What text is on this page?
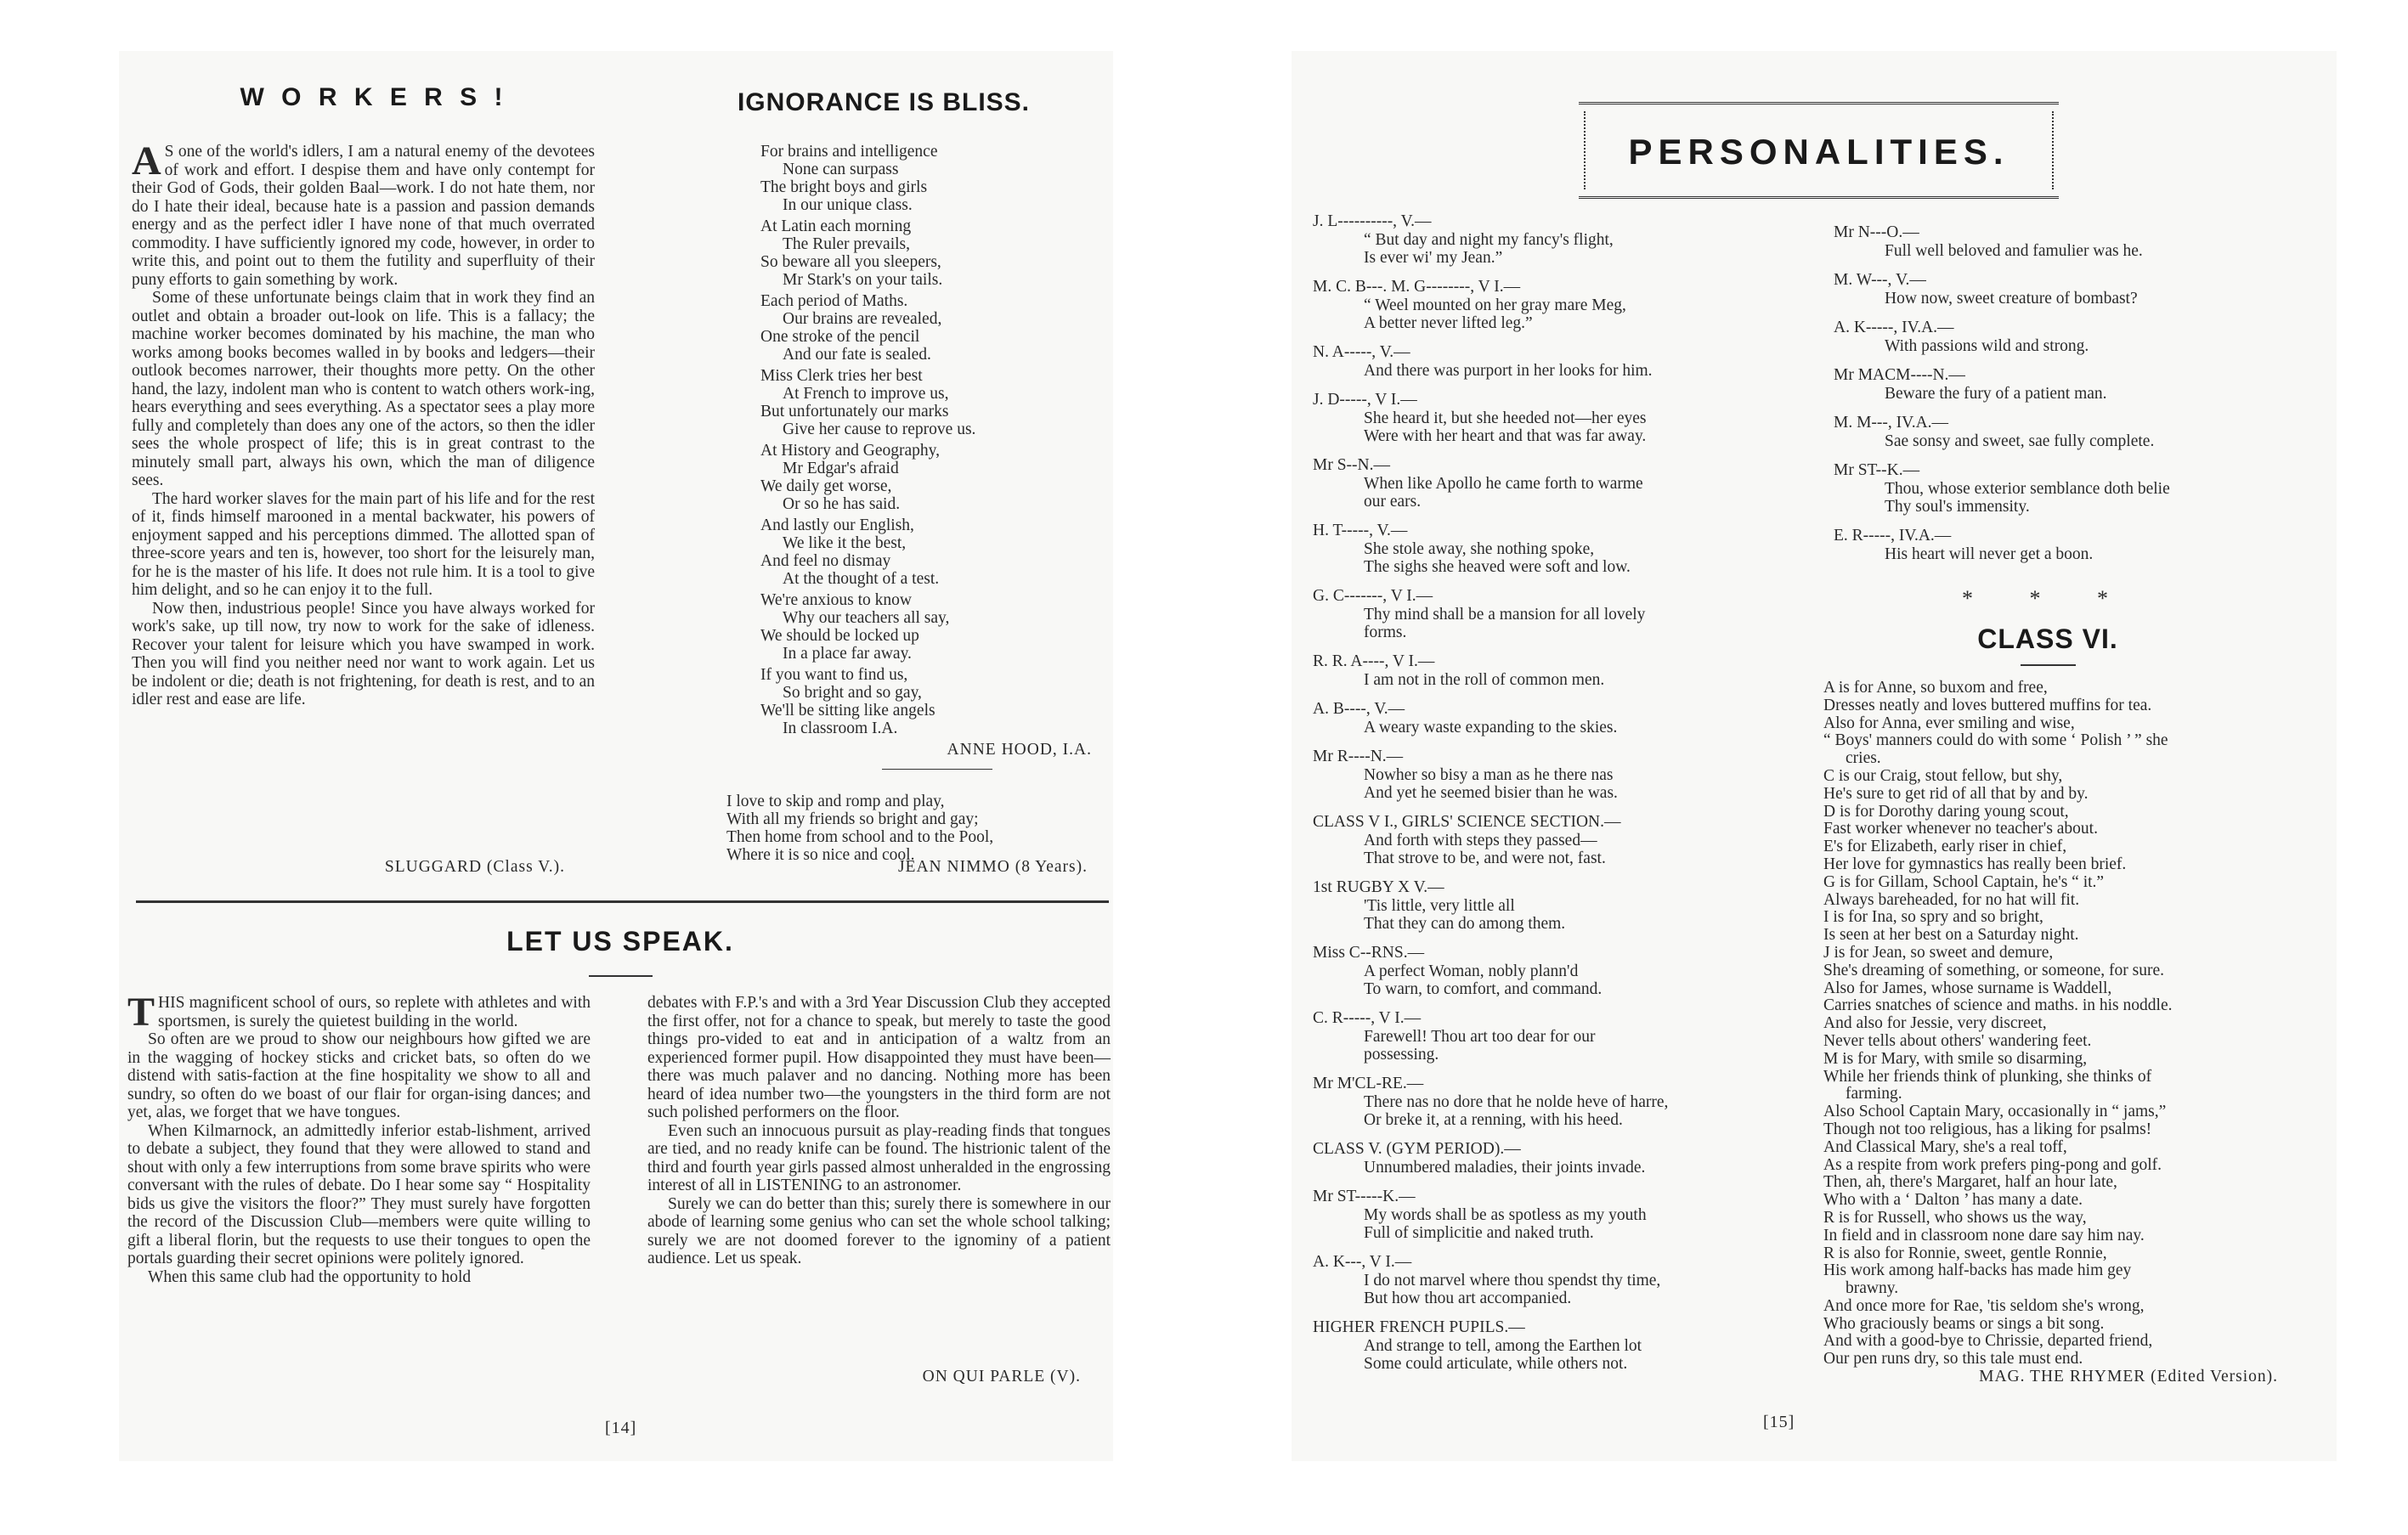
W O R K E R S !

A S one of the world's idlers, I am a natural enemy of the devotees of work and effort. I despise them and have only contempt for their God of Gods, their golden Baal—work. I do not hate them, nor do I hate their ideal, because hate is a passion and passion demands energy and as the perfect idler I have none of that much overrated commodity. I have sufficiently ignored my code, however, in order to write this, and point out to them the futility and superfluity of their puny efforts to gain something by work.

Some of these unfortunate beings claim that in work they find an outlet and obtain a broader out-look on life. This is a fallacy; the machine worker becomes dominated by his machine, the man who works among books becomes walled in by books and ledgers—their outlook becomes narrower, their thoughts more petty. On the other hand, the lazy, indolent man who is content to watch others work-ing, hears everything and sees everything. As a spectator sees a play more fully and completely than does any one of the actors, so then the idler sees the whole prospect of life; this is in great contrast to the minutely small part, always his own, which the man of diligence sees.

The hard worker slaves for the main part of his life and for the rest of it, finds himself marooned in a mental backwater, his powers of enjoyment sapped and his perceptions dimmed. The allotted span of three-score years and ten is, however, too short for the leisurely man, for he is the master of his life. It does not rule him. It is a tool to give him delight, and so he can enjoy it to the full.

Now then, industrious people! Since you have always worked for work's sake, up till now, try now to work for the sake of idleness. Recover your talent for leisure which you have swamped in work. Then you will find you neither need nor want to work again. Let us be indolent or die; death is not frightening, for death is rest, and to an idler rest and ease are life.

SLUGGARD (Class V.).
IGNORANCE IS BLISS.
For brains and intelligence
None can surpass
The bright boys and girls
In our unique class.
At Latin each morning
The Ruler prevails,
So beware all you sleepers,
Mr Stark's on your tails.
Each period of Maths.
Our brains are revealed,
One stroke of the pencil
And our fate is sealed.
Miss Clerk tries her best
At French to improve us,
But unfortunately our marks
Give her cause to reprove us.
At History and Geography,
Mr Edgar's afraid
We daily get worse,
Or so he has said.
And lastly our English,
We like it the best,
And feel no dismay
At the thought of a test.
We're anxious to know
Why our teachers all say,
We should be locked up
In a place far away.
If you want to find us,
So bright and so gay,
We'll be sitting like angels
In classroom I.A.
ANNE HOOD, I.A.
I love to skip and romp and play,
With all my friends so bright and gay;
Then home from school and to the Pool,
Where it is so nice and cool.
JEAN NIMMO (8 Years).
LET US SPEAK.

THIS magnificent school of ours, so replete with athletes and with sportsmen, is surely the quietest building in the world.

So often are we proud to show our neighbours how gifted we are in the wagging of hockey sticks and cricket bats, so often do we distend with satis-faction at the fine hospitality we show to all and sundry, so often do we boast of our flair for organ-ising dances; and yet, alas, we forget that we have tongues.

When Kilmarnock, an admittedly inferior estab-lishment, arrived to debate a subject, they found that they were allowed to stand and shout with only a few interruptions from some brave spirits who were conversant with the rules of debate. Do I hear some say “ Hospitality bids us give the visitors the floor?” They must surely have forgotten the record of the Discussion Club—members were quite willing to gift a liberal florin, but the requests to use their tongues to open the portals guarding their secret opinions were politely ignored.

When this same club had the opportunity to hold

debates with F.P.'s and with a 3rd Year Discussion Club they accepted the first offer, not for a chance to speak, but merely to taste the good things pro-vided to eat and in anticipation of a waltz from an experienced former pupil. How disappointed they must have been—there was much palaver and no dancing. Nothing more has been heard of idea number two—the youngsters in the third form are not such polished performers on the floor.

Even such an innocuous pursuit as play-reading finds that tongues are tied, and no ready knife can be found. The histrionic talent of the third and fourth year girls passed almost unheralded in the engrossing interest of all in LISTENING to an astronomer.

Surely we can do better than this; surely there is somewhere in our abode of learning some genius who can set the whole school talking; surely we are not doomed forever to the ignominy of a patient audience. Let us speak.

ON QUI PARLE (V).
[14]
PERSONALITIES.
J. L----------, V.—
“ But day and night my fancy's flight,
Is ever wi' my Jean.”
M. C. B---. M. G--------, V I.—
“ Weel mounted on her gray mare Meg,
A better never lifted leg.”
N. A-----, V.—
And there was purport in her looks for him.
J. D-----, V I.—
She heard it, but she heeded not—her eyes
Were with her heart and that was far away.
Mr S--N.—
When like Apollo he came forth to warme
our ears.
H. T-----, V.—
She stole away, she nothing spoke,
The sighs she heaved were soft and low.
G. C-------, V I.—
Thy mind shall be a mansion for all lovely
forms.
R. R. A----, V I.—
I am not in the roll of common men.
A. B----, V.—
A weary waste expanding to the skies.
Mr R----N.—
Nowher so bisy a man as he there nas
And yet he seemed bisier than he was.
CLASS V I., GIRLS' SCIENCE SECTION.—
And forth with steps they passed—
That strove to be, and were not, fast.
1st RUGBY X V.—
'Tis little, very little all
That they can do among them.
Miss C--RNS.—
A perfect Woman, nobly plann'd
To warn, to comfort, and command.
C. R-----, V I.—
Farewell! Thou art too dear for our
possessing.
Mr M'CL-RE.—
There nas no dore that he nolde heve of harre,
Or breke it, at a renning, with his heed.
CLASS V. (GYM PERIOD).—
Unnumbered maladies, their joints invade.
Mr ST-----K.—
My words shall be as spotless as my youth
Full of simplicitie and naked truth.
A. K---, V I.—
I do not marvel where thou spendst thy time,
But how thou art accompanied.
HIGHER FRENCH PUPILS.—
And strange to tell, among the Earthen lot
Some could articulate, while others not.
Mr N---O.—
Full well beloved and famulier was he.
M. W---, V.—
How now, sweet creature of bombast?
A. K-----, IV.A.—
With passions wild and strong.
Mr MACM----N.—
Beware the fury of a patient man.
M. M---, IV.A.—
Sae sonsy and sweet, sae fully complete.
Mr ST--K.—
Thou, whose exterior semblance doth belie
Thy soul's immensity.
E. R-----, IV.A.—
His heart will never get a boon.
* * *
CLASS VI.
A is for Anne, so buxom and free,
Dresses neatly and loves buttered muffins for tea.
Also for Anna, ever smiling and wise,
“ Boys' manners could do with some ‘ Polish ’ ” she
cries.
C is our Craig, stout fellow, but shy,
He's sure to get rid of all that by and by.
D is for Dorothy daring young scout,
Fast worker whenever no teacher's about.
E's for Elizabeth, early riser in chief,
Her love for gymnastics has really been brief.
G is for Gillam, School Captain, he's “ it.”
Always bareheaded, for no hat will fit.
I is for Ina, so spry and so bright,
Is seen at her best on a Saturday night.
J is for Jean, so sweet and demure,
She's dreaming of something, or someone, for sure.
Also for James, whose surname is Waddell,
Carries snatches of science and maths. in his noddle.
And also for Jessie, very discreet,
Never tells about others' wandering feet.
M is for Mary, with smile so disarming,
While her friends think of plunking, she thinks of
farming.
Also School Captain Mary, occasionally in “ jams,”
Though not too religious, has a liking for psalms!
And Classical Mary, she's a real toff,
As a respite from work prefers ping-pong and golf.
Then, ah, there's Margaret, half an hour late,
Who with a ‘ Dalton ’ has many a date.
R is for Russell, who shows us the way,
In field and in classroom none dare say him nay.
R is also for Ronnie, sweet, gentle Ronnie,
His work among half-backs has made him gey
brawny.
And once more for Rae, 'tis seldom she's wrong,
Who graciously beams or sings a bit song.
And with a good-bye to Chrissie, departed friend,
Our pen runs dry, so this tale must end.
MAG. THE RHYMER (Edited Version).
[15]
